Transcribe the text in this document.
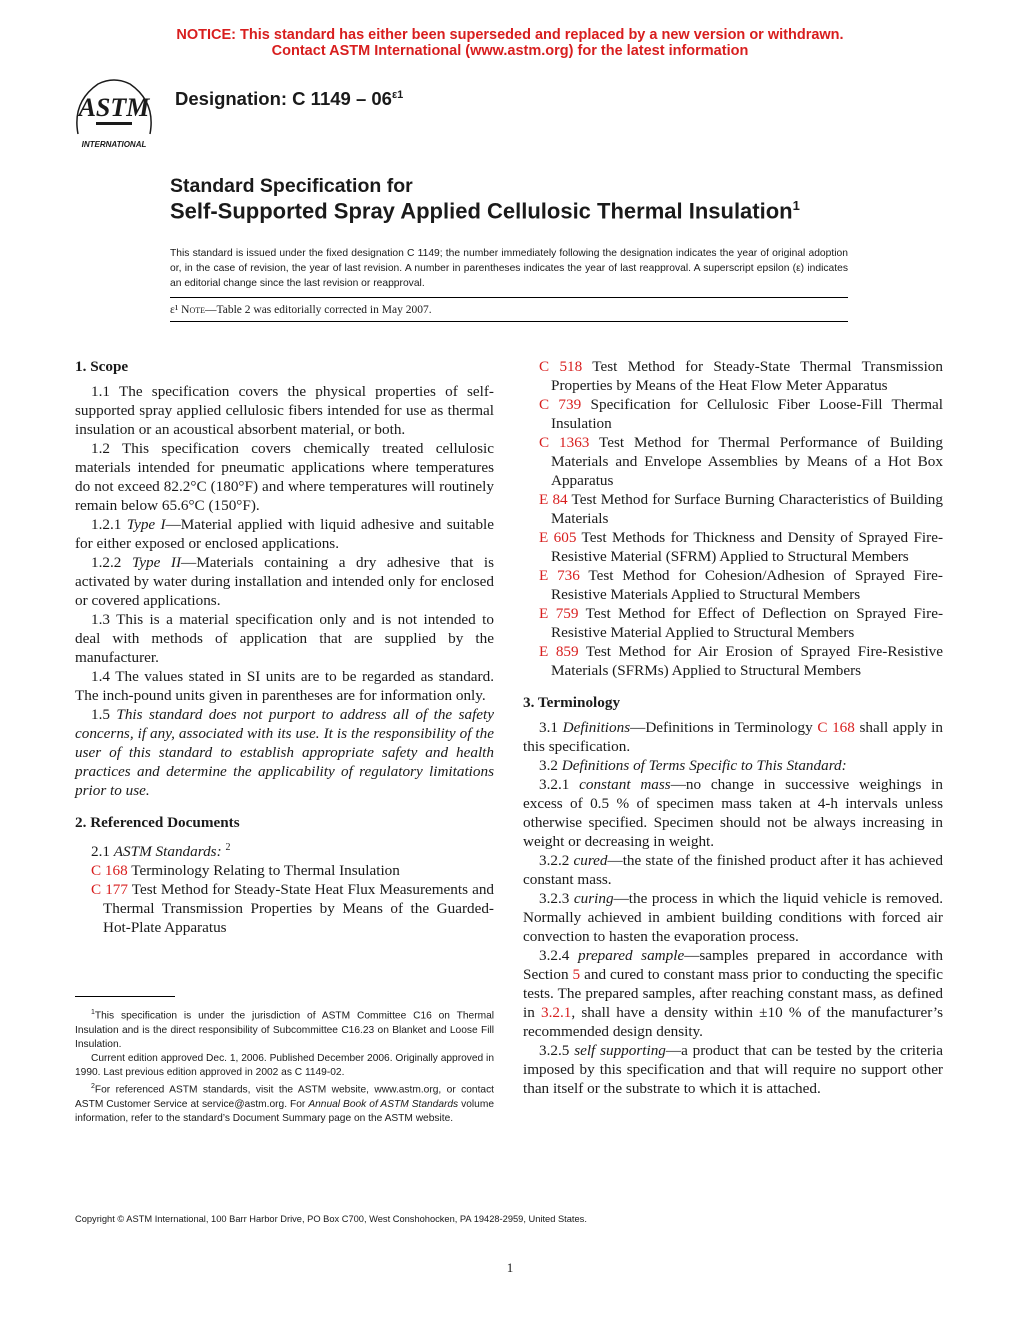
NOTICE: This standard has either been superseded and replaced by a new version or withdrawn.
Contact ASTM International (www.astm.org) for the latest information
ASTM
INTERNATIONAL
Designation: C $1149 - 06^{\varepsilon 1}$
Standard Specification for
Self-Supported Spray Applied Cellulosic Thermal Insulation$^1$
This standard is issued under the fixed designation C 1149; the number immediately following the designation indicates the year of original adoption or, in the case of revision, the year of last revision. A number in parentheses indicates the year of last reapproval. A superscript epsilon (ε) indicates an editorial change since the last revision or reapproval.
ε¹ Note—Table 2 was editorially corrected in May 2007.

1. Scope

1.1 The specification covers the physical properties of self-supported spray applied cellulosic fibers intended for use as thermal insulation or an acoustical absorbent material, or both.

1.2 This specification covers chemically treated cellulosic materials intended for pneumatic applications where temperatures do not exceed 82.2°C (180°F) and where temperatures will routinely remain below 65.6°C (150°F).

1.2.1 Type I—Material applied with liquid adhesive and suitable for either exposed or enclosed applications.

1.2.2 Type II—Materials containing a dry adhesive that is activated by water during installation and intended only for enclosed or covered applications.

1.3 This is a material specification only and is not intended to deal with methods of application that are supplied by the manufacturer.

1.4 The values stated in SI units are to be regarded as standard. The inch-pound units given in parentheses are for information only.

1.5 This standard does not purport to address all of the safety concerns, if any, associated with its use. It is the responsibility of the user of this standard to establish appropriate safety and health practices and determine the applicability of regulatory limitations prior to use.

2. Referenced Documents

2.1 ASTM Standards: $^2$

C 168 Terminology Relating to Thermal Insulation

C 177 Test Method for Steady-State Heat Flux Measurements and Thermal Transmission Properties by Means of the Guarded-Hot-Plate Apparatus

$^1$This specification is under the jurisdiction of ASTM Committee C16 on Thermal Insulation and is the direct responsibility of Subcommittee C16.23 on Blanket and Loose Fill Insulation.

Current edition approved Dec. 1, 2006. Published December 2006. Originally approved in 1990. Last previous edition approved in 2002 as C 1149-02.

$^2$For referenced ASTM standards, visit the ASTM website, www.astm.org, or contact ASTM Customer Service at service@astm.org. For Annual Book of ASTM Standards volume information, refer to the standard’s Document Summary page on the ASTM website.

C 518 Test Method for Steady-State Thermal Transmission Properties by Means of the Heat Flow Meter Apparatus

C 739 Specification for Cellulosic Fiber Loose-Fill Thermal Insulation

C 1363 Test Method for Thermal Performance of Building Materials and Envelope Assemblies by Means of a Hot Box Apparatus

E 84 Test Method for Surface Burning Characteristics of Building Materials

E 605 Test Methods for Thickness and Density of Sprayed Fire-Resistive Material (SFRM) Applied to Structural Members

E 736 Test Method for Cohesion/Adhesion of Sprayed Fire-Resistive Materials Applied to Structural Members

E 759 Test Method for Effect of Deflection on Sprayed Fire-Resistive Material Applied to Structural Members

E 859 Test Method for Air Erosion of Sprayed Fire-Resistive Materials (SFRMs) Applied to Structural Members

3. Terminology

3.1 Definitions—Definitions in Terminology C 168 shall apply in this specification.

3.2 Definitions of Terms Specific to This Standard:

3.2.1 constant mass—no change in successive weighings in excess of 0.5 % of specimen mass taken at 4-h intervals unless otherwise specified. Specimen should not be always increasing in weight or decreasing in weight.

3.2.2 cured—the state of the finished product after it has achieved constant mass.

3.2.3 curing—the process in which the liquid vehicle is removed. Normally achieved in ambient building conditions with forced air convection to hasten the evaporation process.

3.2.4 prepared sample—samples prepared in accordance with Section 5 and cured to constant mass prior to conducting the specific tests. The prepared samples, after reaching constant mass, as defined in 3.2.1, shall have a density within ±10 % of the manufacturer’s recommended design density.

3.2.5 self supporting—a product that can be tested by the criteria imposed by this specification and that will require no support other than itself or the substrate to which it is attached.

Copyright © ASTM International, 100 Barr Harbor Drive, PO Box C700, West Conshohocken, PA 19428-2959, United States.
1
